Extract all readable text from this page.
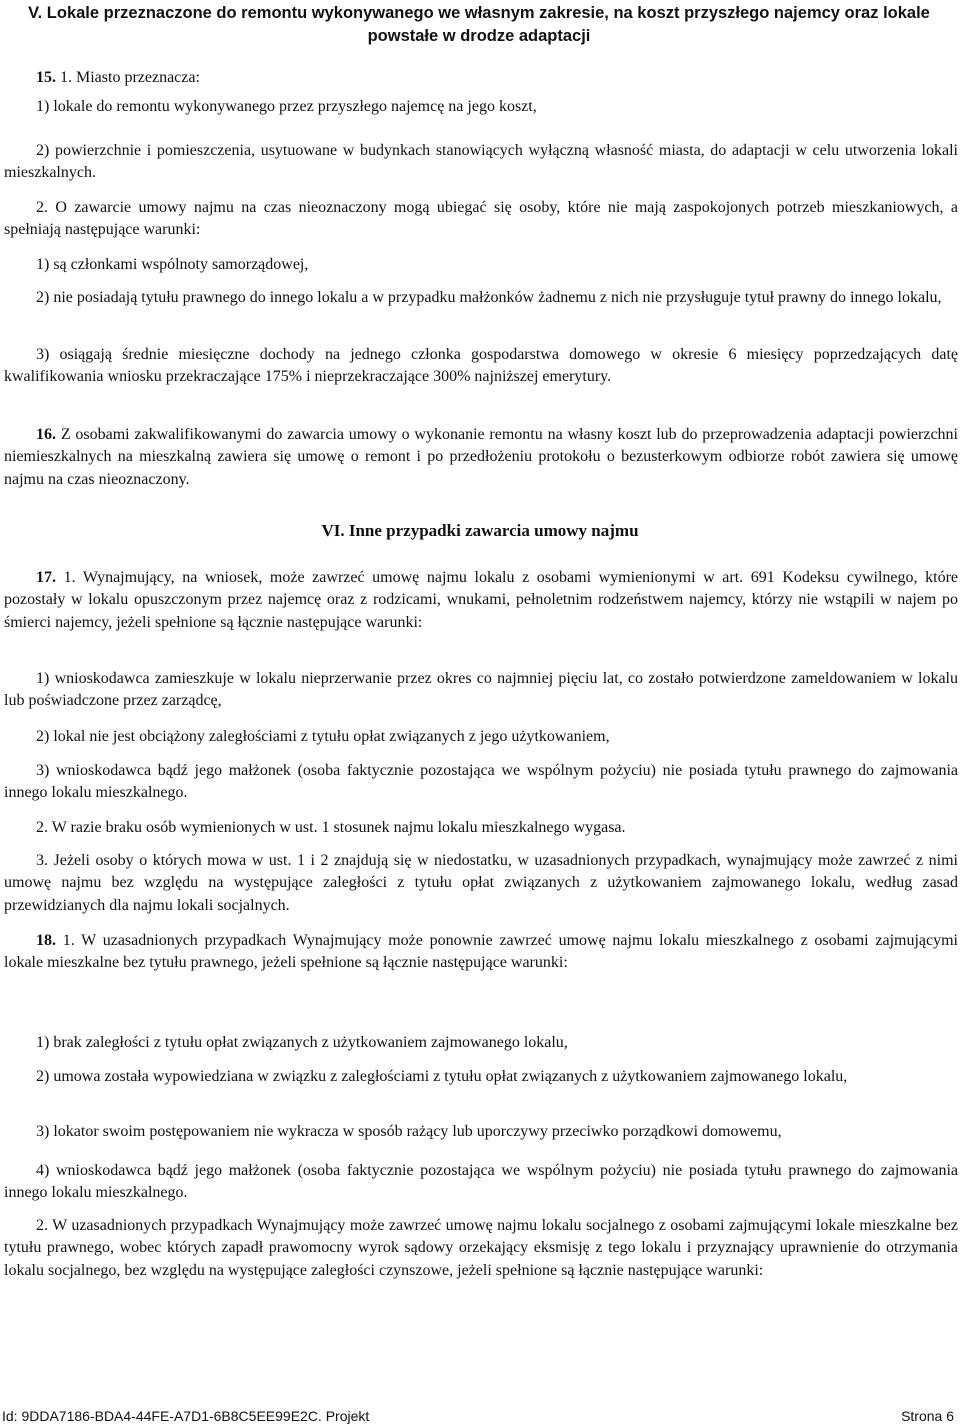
V. Lokale przeznaczone do remontu wykonywanego we własnym zakresie, na koszt przyszłego najemcy oraz lokale powstałe w drodze adaptacji
15. 1. Miasto przeznacza:
1) lokale do remontu wykonywanego przez przyszłego najemcę na jego koszt,
2) powierzchnie i pomieszczenia, usytuowane w budynkach stanowiących wyłączną własność miasta, do adaptacji w celu utworzenia lokali mieszkalnych.
2. O zawarcie umowy najmu na czas nieoznaczony mogą ubiegać się osoby, które nie mają zaspokojonych potrzeb mieszkaniowych, a spełniają następujące warunki:
1) są członkami wspólnoty samorządowej,
2) nie posiadają tytułu prawnego do innego lokalu a w przypadku małżonków żadnemu z nich nie przysługuje tytuł prawny do innego lokalu,
3) osiągają średnie miesięczne dochody na jednego członka gospodarstwa domowego w okresie 6 miesięcy poprzedzających datę kwalifikowania wniosku przekraczające 175% i nieprzekraczające 300% najniższej emerytury.
16. Z osobami zakwalifikowanymi do zawarcia umowy o wykonanie remontu na własny koszt lub do przeprowadzenia adaptacji powierzchni niemieszkalnych na mieszkalną zawiera się umowę o remont i po przedłożeniu protokołu o bezusterkowym odbiorze robót zawiera się umowę najmu na czas nieoznaczony.
VI. Inne przypadki zawarcia umowy najmu
17. 1. Wynajmujący, na wniosek, może zawrzeć umowę najmu lokalu z osobami wymienionymi w art. 691 Kodeksu cywilnego, które pozostały w lokalu opuszczonym przez najemcę oraz z rodzicami, wnukami, pełnoletnim rodzeństwem najemcy, którzy nie wstąpili w najem po śmierci najemcy, jeżeli spełnione są łącznie następujące warunki:
1) wnioskodawca zamieszkuje w lokalu nieprzerwanie przez okres co najmniej pięciu lat, co zostało potwierdzone zameldowaniem w lokalu lub poświadczone przez zarządcę,
2) lokal nie jest obciążony zaległościami z tytułu opłat związanych z jego użytkowaniem,
3) wnioskodawca bądź jego małżonek (osoba faktycznie pozostająca we wspólnym pożyciu) nie posiada tytułu prawnego do zajmowania innego lokalu mieszkalnego.
2. W razie braku osób wymienionych w ust. 1 stosunek najmu lokalu mieszkalnego wygasa.
3. Jeżeli osoby o których mowa w ust. 1 i 2 znajdują się w niedostatku, w uzasadnionych przypadkach, wynajmujący może zawrzeć z nimi umowę najmu bez względu na występujące zaległości z tytułu opłat związanych z użytkowaniem zajmowanego lokalu, według zasad przewidzianych dla najmu lokali socjalnych.
18. 1. W uzasadnionych przypadkach Wynajmujący może ponownie zawrzeć umowę najmu lokalu mieszkalnego z osobami zajmującymi lokale mieszkalne bez tytułu prawnego, jeżeli spełnione są łącznie następujące warunki:
1) brak zaległości z tytułu opłat związanych z użytkowaniem zajmowanego lokalu,
2) umowa została wypowiedziana w związku z zaległościami z tytułu opłat związanych z użytkowaniem zajmowanego lokalu,
3) lokator swoim postępowaniem nie wykracza w sposób rażący lub uporczywy przeciwko porządkowi domowemu,
4) wnioskodawca bądź jego małżonek (osoba faktycznie pozostająca we wspólnym pożyciu) nie posiada tytułu prawnego do zajmowania innego lokalu mieszkalnego.
2. W uzasadnionych przypadkach Wynajmujący może zawrzeć umowę najmu lokalu socjalnego z osobami zajmującymi lokale mieszkalne bez tytułu prawnego, wobec których zapadł prawomocny wyrok sądowy orzekający eksmisję z tego lokalu i przyznający uprawnienie do otrzymania lokalu socjalnego, bez względu na występujące zaległości czynszowe, jeżeli spełnione są łącznie następujące warunki:
Id: 9DDA7186-BDA4-44FE-A7D1-6B8C5EE99E2C. Projekt	Strona 6
